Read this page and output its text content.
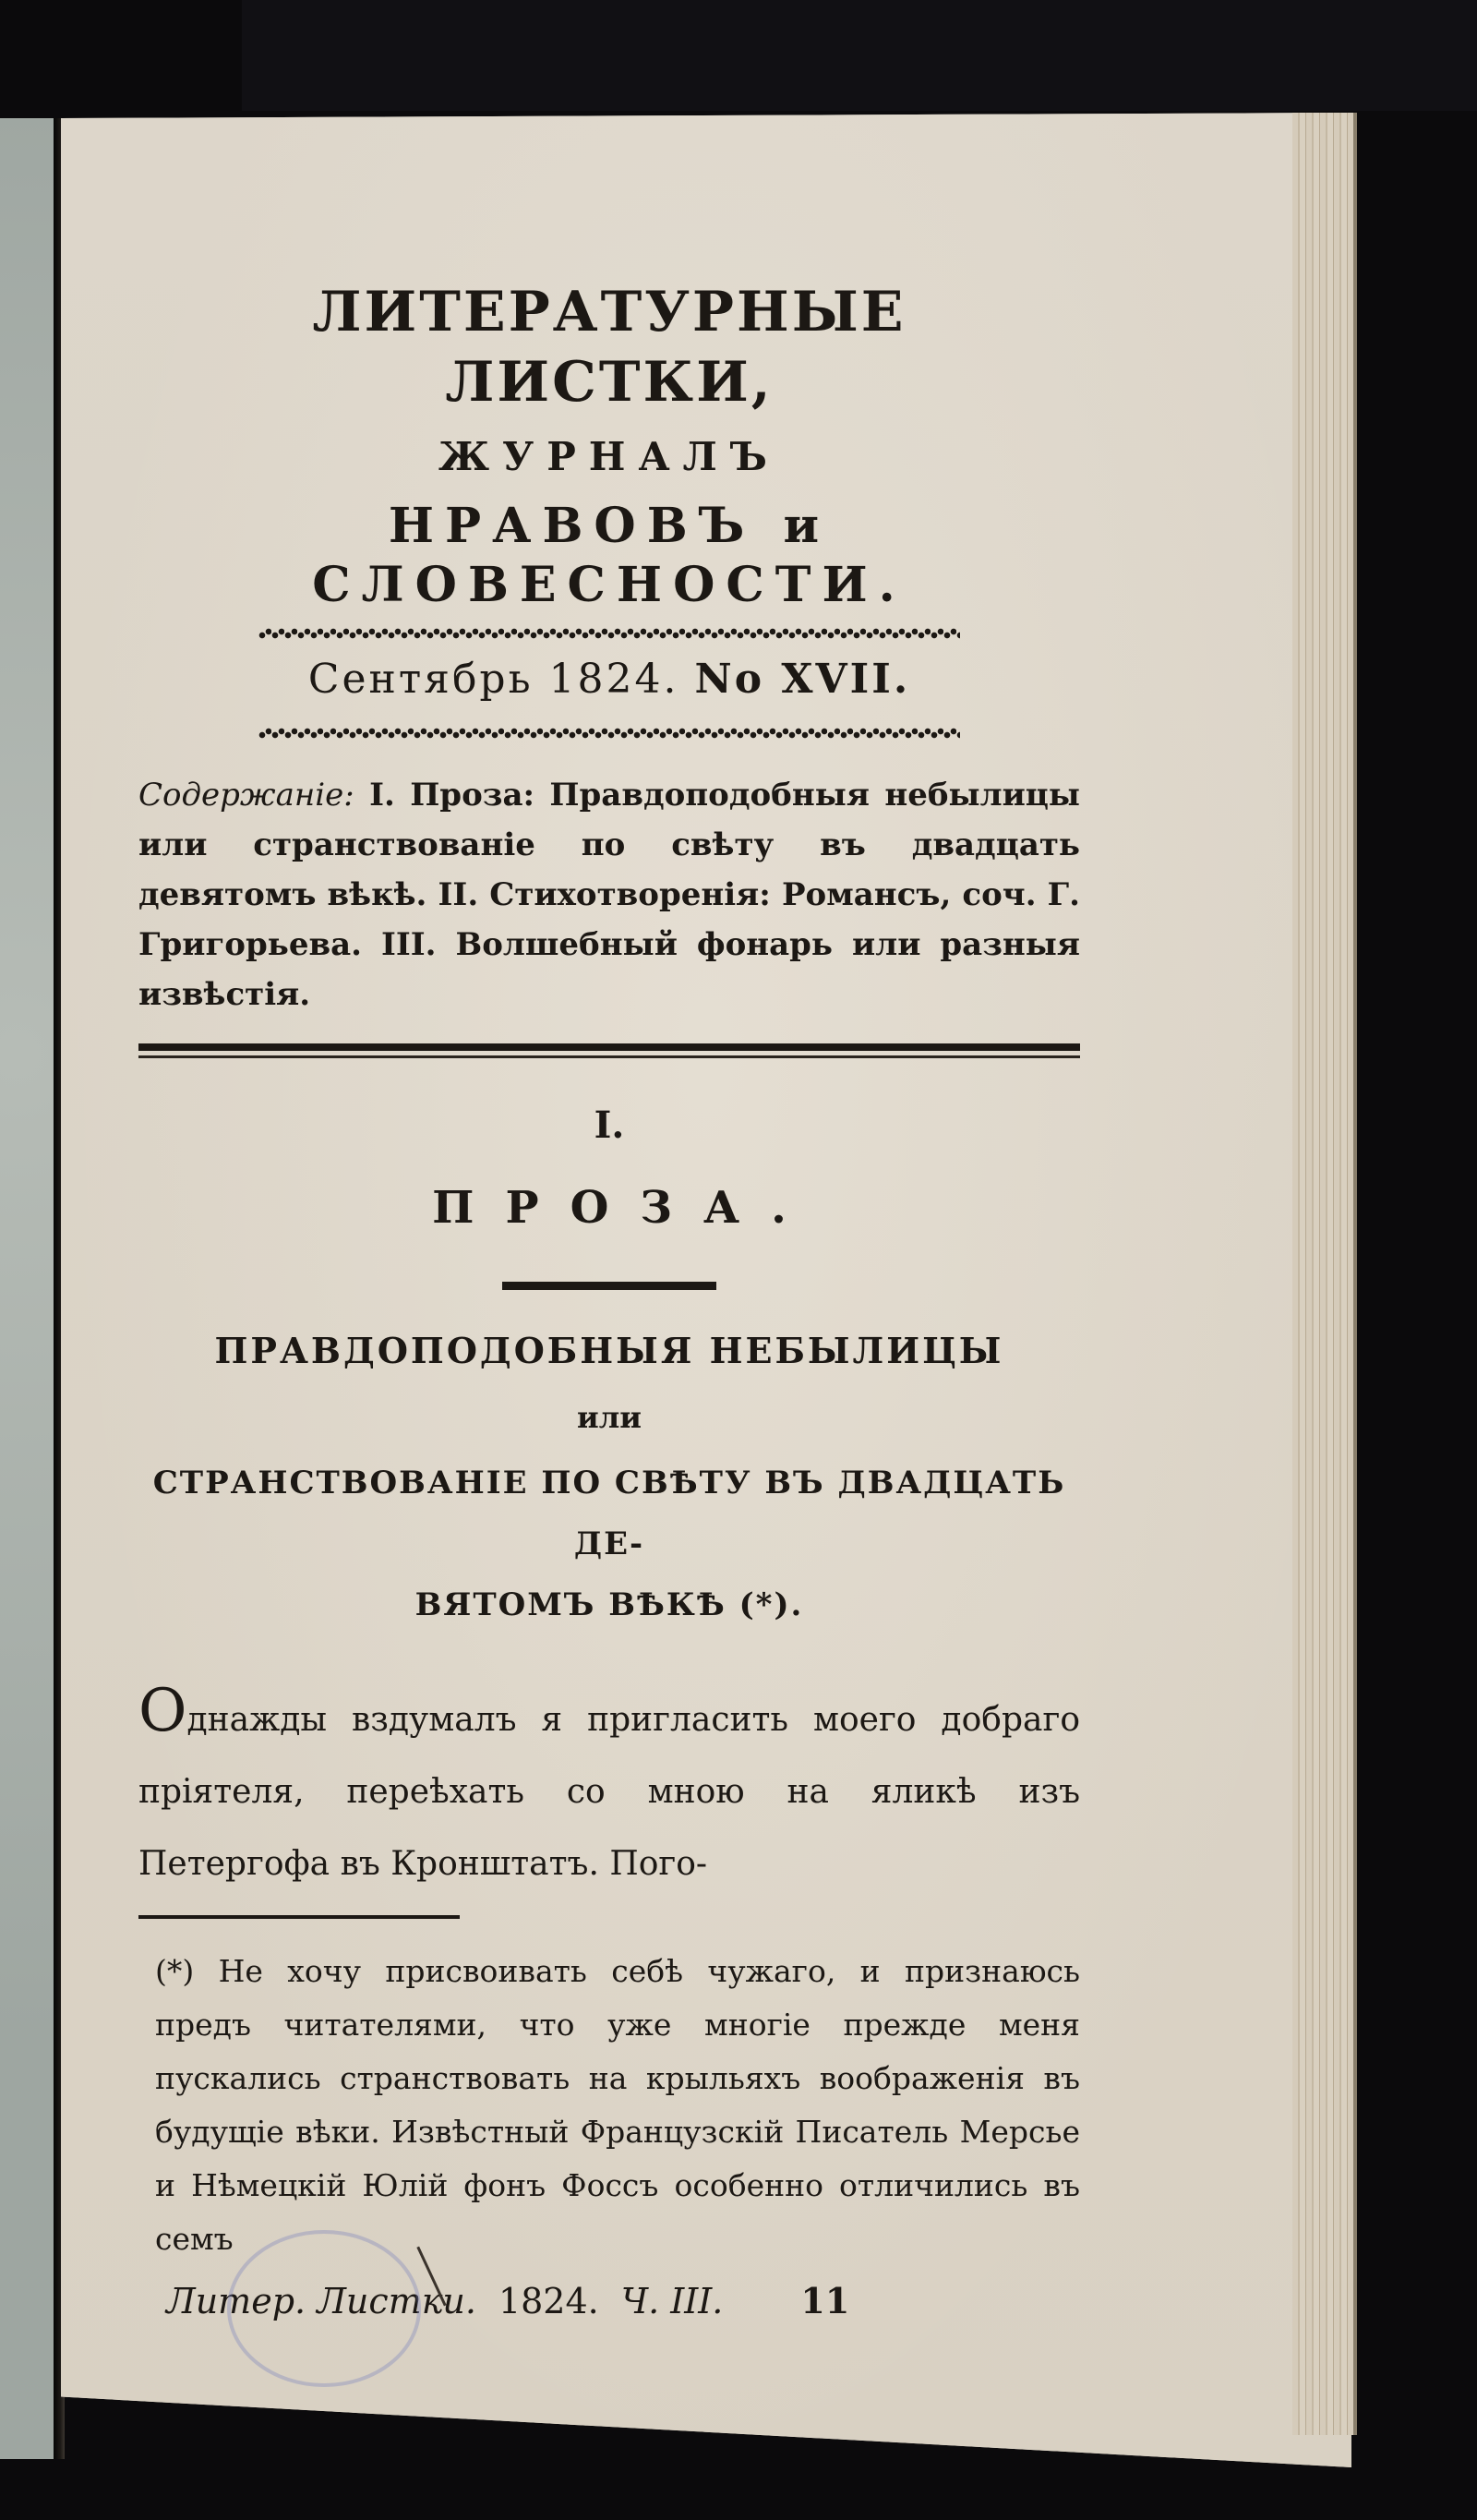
ЛИТЕРАТУРНЫЕ ЛИСТКИ,

ЖУРНАЛЪ

НРАВОВЪ и СЛОВЕСНОСТИ.

Сентябрь 1824. No XVII.

Содержаніе: I. Проза: Правдоподобныя небылицы или странствованіе по свѣту въ двадцать девятомъ вѣкѣ. II. Стихотворенія: Романсъ, соч. Г. Григорьева. III. Волшебный фонарь или разныя извѣстія.

I.

ПРОЗА.

ПРАВДОПОДОБНЫЯ НЕБЫЛИЦЫ

или

СТРАНСТВОВАНІЕ ПО СВѢТУ ВЪ ДВАДЦАТЬ ДЕ-
ВЯТОМЪ ВѢКѢ (*).

Однажды вздумалъ я пригласить моего добраго пріятеля, переѣхать со мною на яликѣ изъ Петергофа въ Кронштатъ. Пого-

(*) Не хочу присвоивать себѣ чужаго, и признаюсь предъ читателями, что уже многіе прежде меня пускались странствовать на крыльяхъ воображенія въ будущіе вѣки. Извѣстный Французскій Писатель Мерсье и Нѣмецкій Юлій фонъ Фоссъ особенно отличились въ семъ

Литер. Листки. 1824. Ч. III. 11
